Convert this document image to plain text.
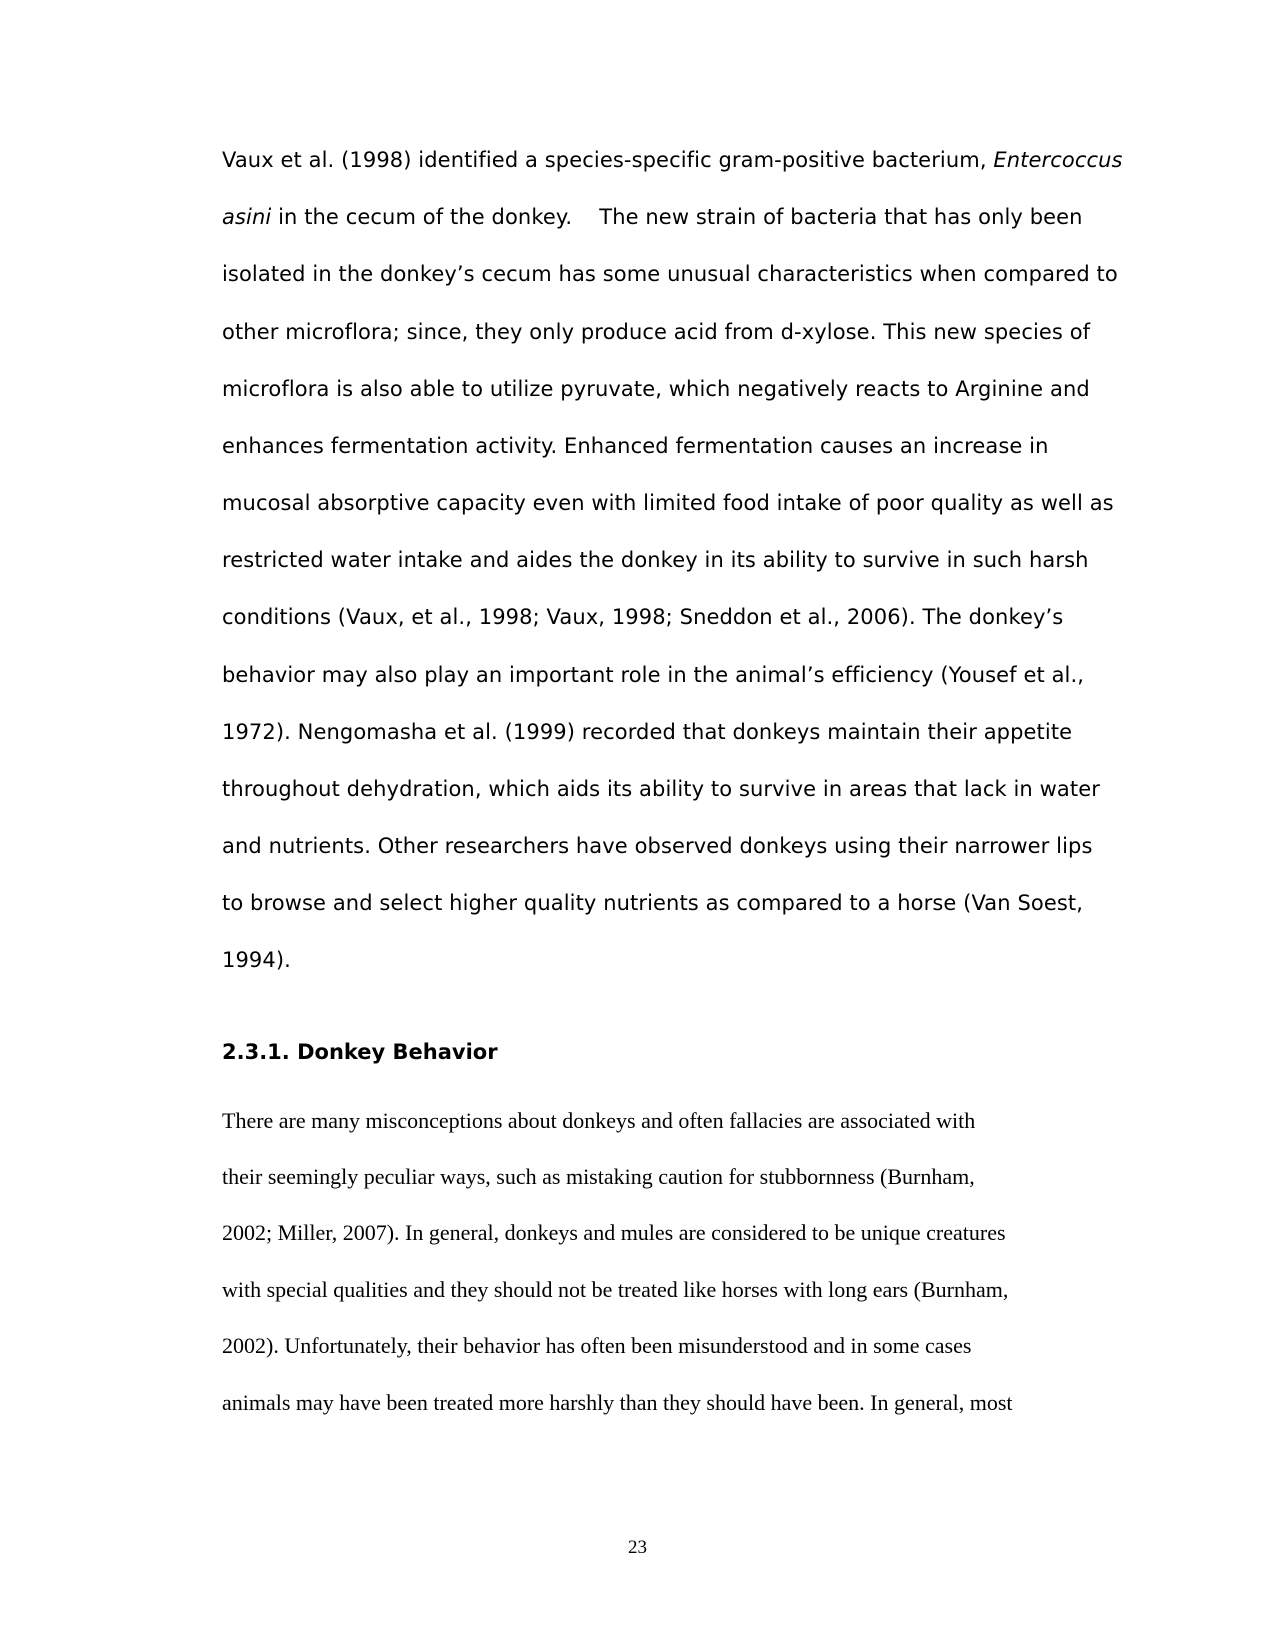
Vaux et al. (1998) identified a species-specific gram-positive bacterium, Entercoccus

asini in the cecum of the donkey.    The new strain of bacteria that has only been

isolated in the donkey’s cecum has some unusual characteristics when compared to

other microflora; since, they only produce acid from d-xylose. This new species of

microflora is also able to utilize pyruvate, which negatively reacts to Arginine and

enhances fermentation activity. Enhanced fermentation causes an increase in

mucosal absorptive capacity even with limited food intake of poor quality as well as

restricted water intake and aides the donkey in its ability to survive in such harsh

conditions (Vaux, et al., 1998; Vaux, 1998; Sneddon et al., 2006). The donkey’s

behavior may also play an important role in the animal’s efficiency (Yousef et al.,

1972). Nengomasha et al. (1999) recorded that donkeys maintain their appetite

throughout dehydration, which aids its ability to survive in areas that lack in water

and nutrients. Other researchers have observed donkeys using their narrower lips

to browse and select higher quality nutrients as compared to a horse (Van Soest,

1994).

2.3.1. Donkey Behavior

There are many misconceptions about donkeys and often fallacies are associated with

their seemingly peculiar ways, such as mistaking caution for stubbornness (Burnham,

2002; Miller, 2007). In general, donkeys and mules are considered to be unique creatures

with special qualities and they should not be treated like horses with long ears (Burnham,

2002). Unfortunately, their behavior has often been misunderstood and in some cases

animals may have been treated more harshly than they should have been. In general, most

23
